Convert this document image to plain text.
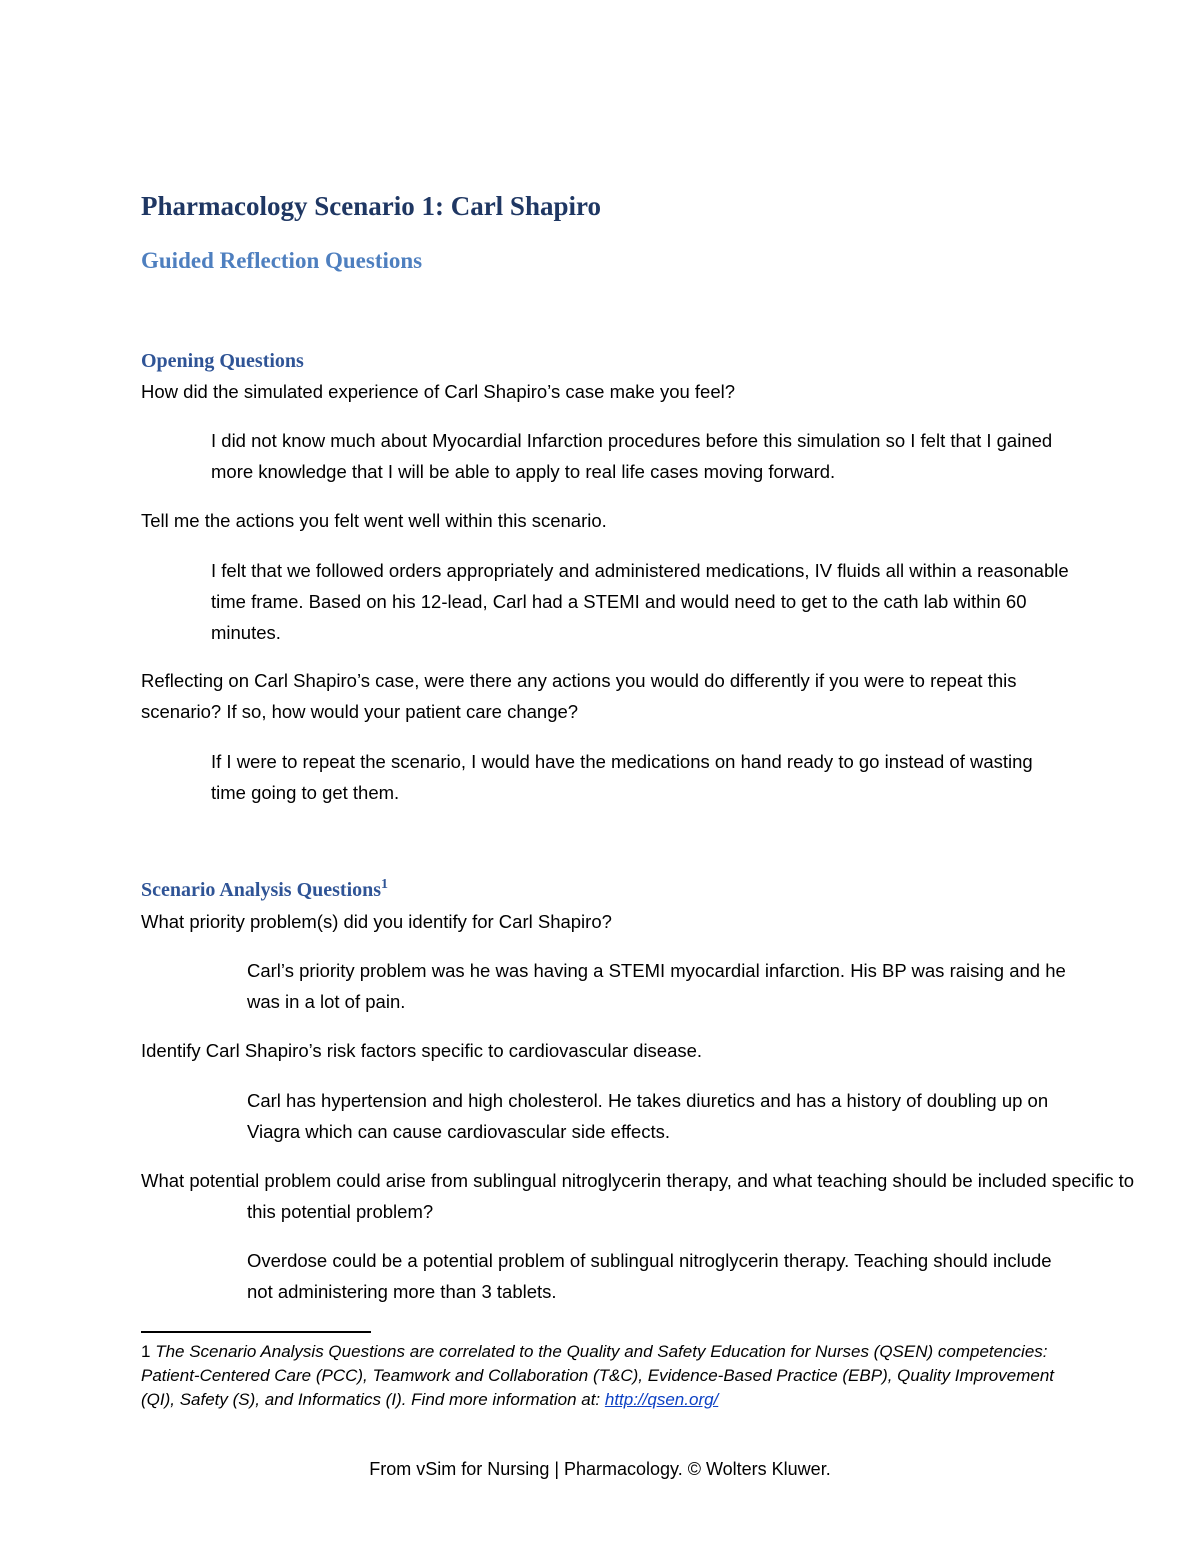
Pharmacology Scenario 1: Carl Shapiro
Guided Reflection Questions
Opening Questions

How did the simulated experience of Carl Shapiro’s case make you feel?

I did not know much about Myocardial Infarction procedures before this simulation so I felt that I gained more knowledge that I will be able to apply to real life cases moving forward.

Tell me the actions you felt went well within this scenario.

I felt that we followed orders appropriately and administered medications, IV fluids all within a reasonable time frame. Based on his 12-lead, Carl had a STEMI and would need to get to the cath lab within 60 minutes.

Reflecting on Carl Shapiro’s case, were there any actions you would do differently if you were to repeat this scenario? If so, how would your patient care change?

If I were to repeat the scenario, I would have the medications on hand ready to go instead of wasting time going to get them.

Scenario Analysis Questions$^1$

What priority problem(s) did you identify for Carl Shapiro?

Carl’s priority problem was he was having a STEMI myocardial infarction. His BP was raising and he was in a lot of pain.

Identify Carl Shapiro’s risk factors specific to cardiovascular disease.

Carl has hypertension and high cholesterol. He takes diuretics and has a history of doubling up on Viagra which can cause cardiovascular side effects.

What potential problem could arise from sublingual nitroglycerin therapy, and what teaching should be included specific to this potential problem?

Overdose could be a potential problem of sublingual nitroglycerin therapy. Teaching should include not administering more than 3 tablets.

1 The Scenario Analysis Questions are correlated to the Quality and Safety Education for Nurses (QSEN) competencies: Patient-Centered Care (PCC), Teamwork and Collaboration (T&C), Evidence-Based Practice (EBP), Quality Improvement (QI), Safety (S), and Informatics (I). Find more information at: http://qsen.org/

From vSim for Nursing | Pharmacology. © Wolters Kluwer.
